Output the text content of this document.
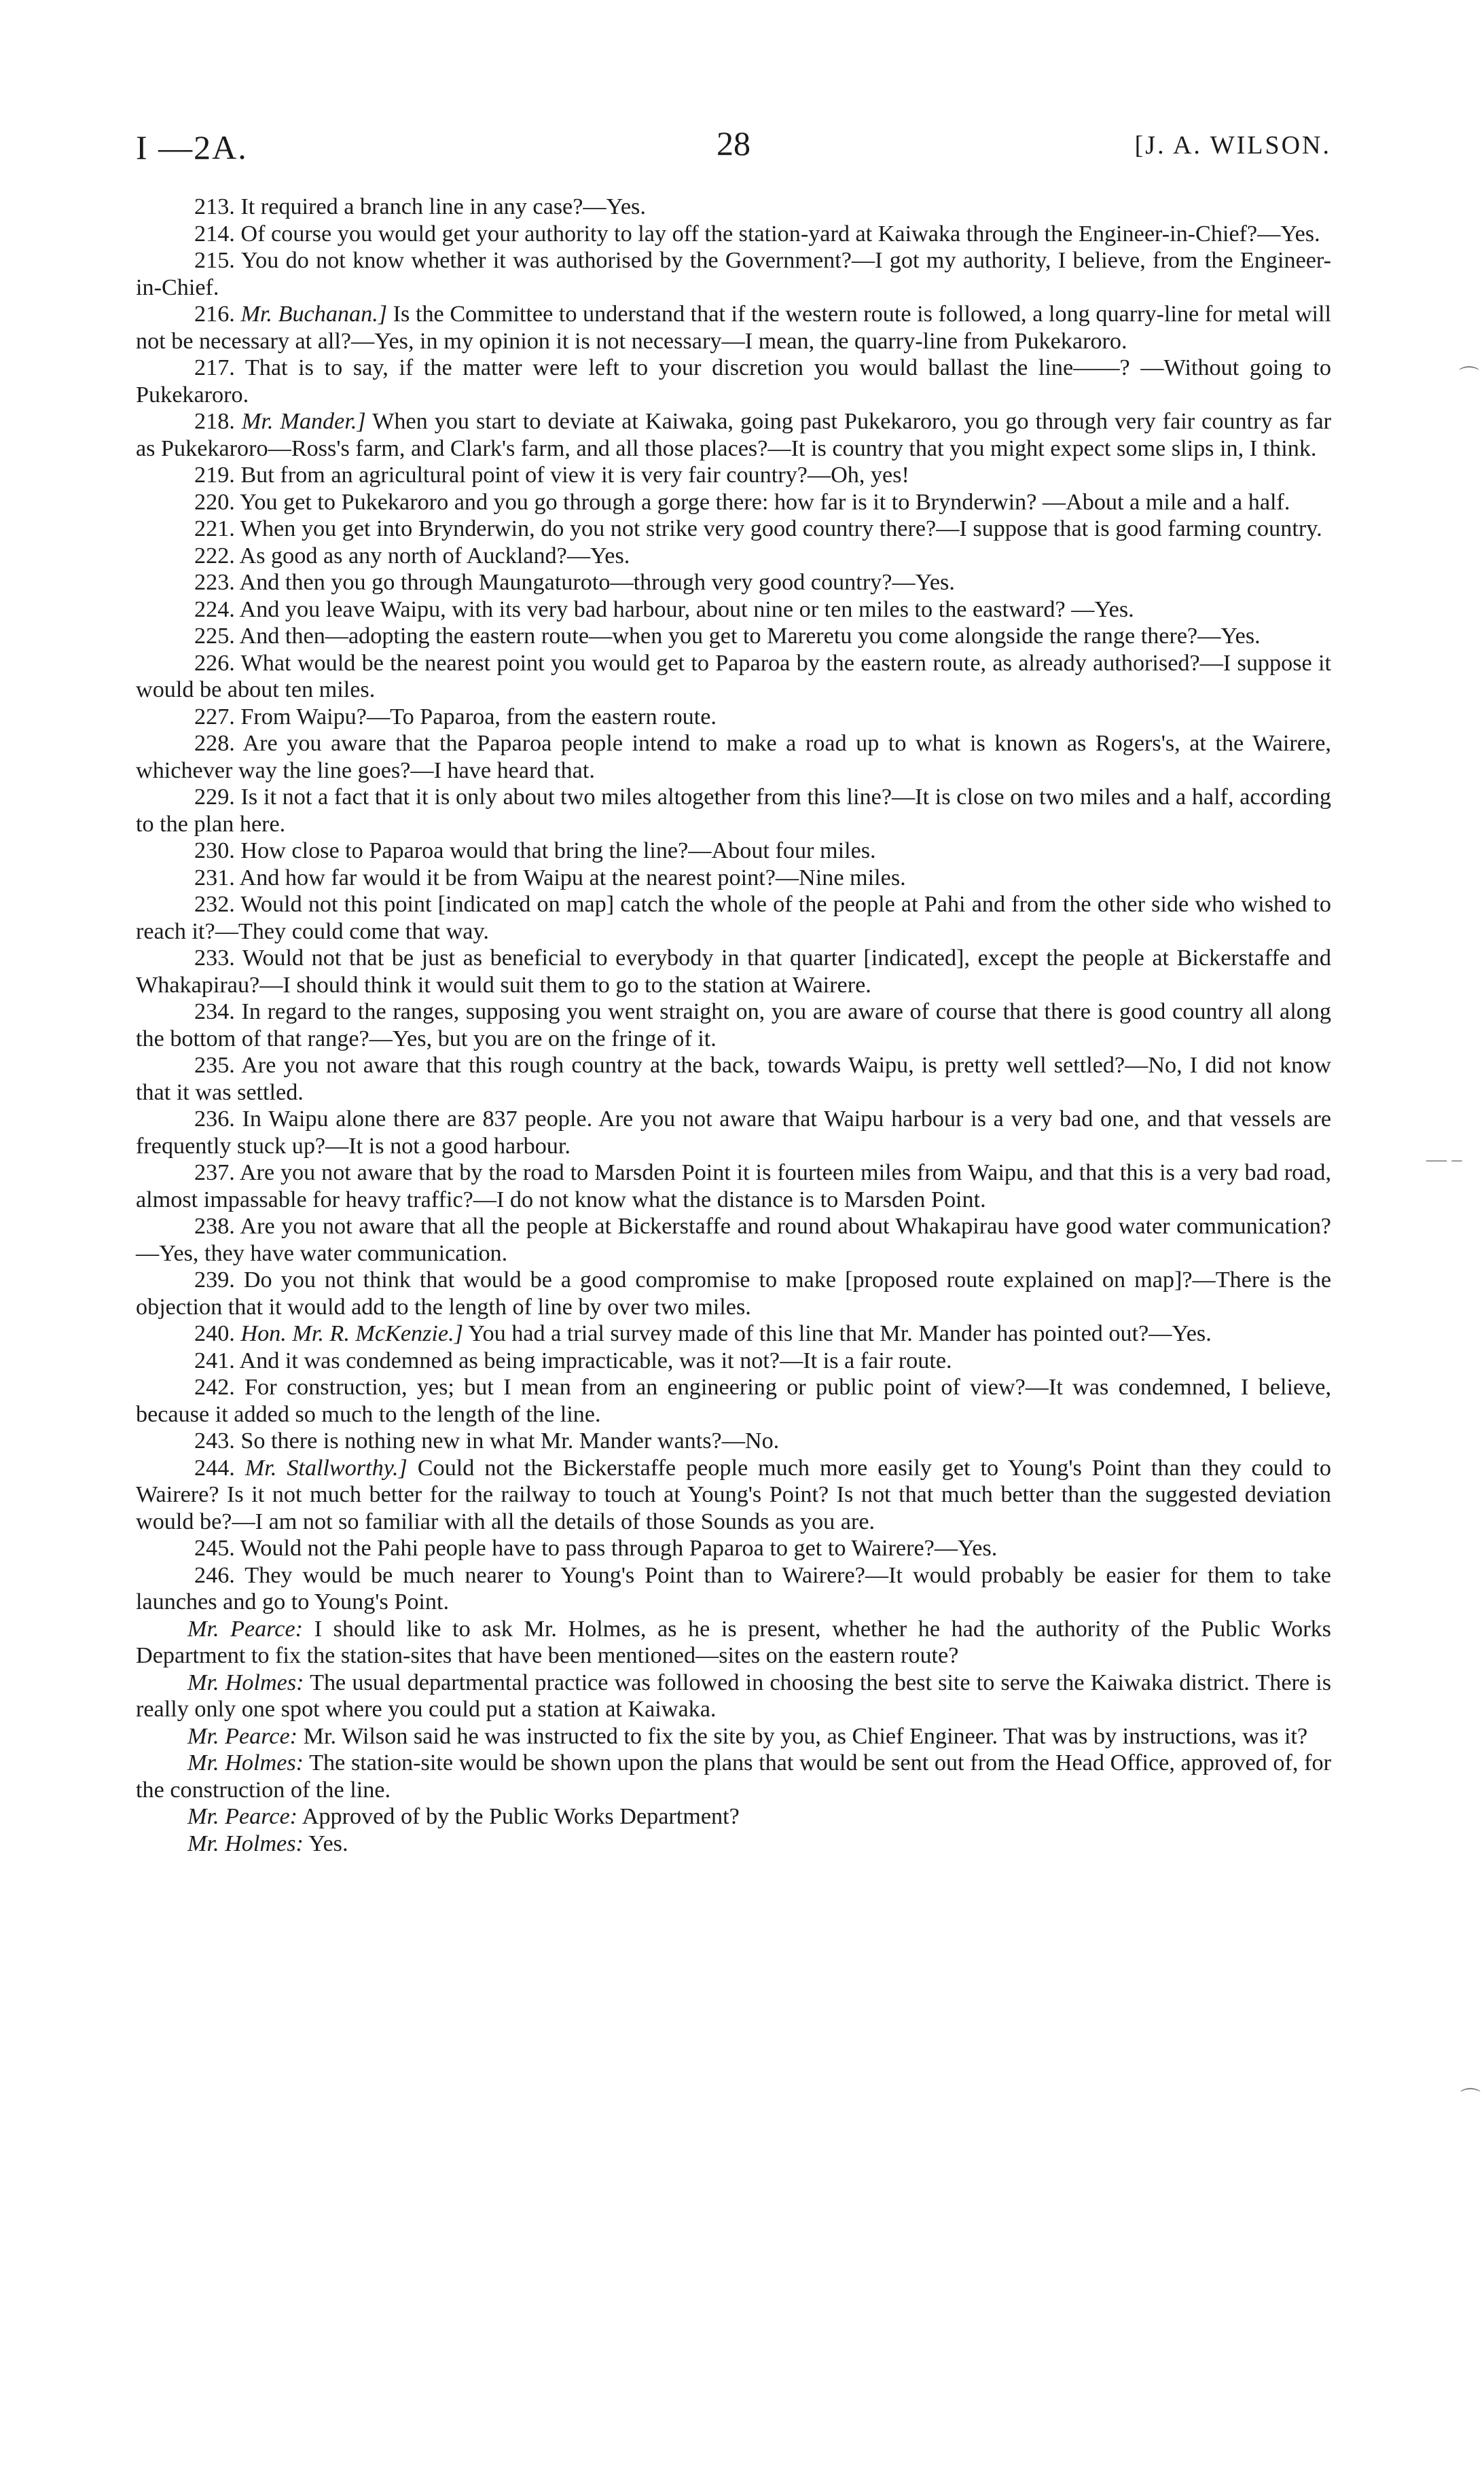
I —2A.	28	[J. A. WILSON.

213. It required a branch line in any case?—Yes.

214. Of course you would get your authority to lay off the station-yard at Kaiwaka through the Engineer-in-Chief?—Yes.

215. You do not know whether it was authorised by the Government?—I got my authority, I believe, from the Engineer-in-Chief.

216. Mr. Buchanan.] Is the Committee to understand that if the western route is followed, a long quarry-line for metal will not be necessary at all?—Yes, in my opinion it is not necessary—I mean, the quarry-line from Pukekaroro.

217. That is to say, if the matter were left to your discretion you would ballast the line——? —Without going to Pukekaroro.

218. Mr. Mander.] When you start to deviate at Kaiwaka, going past Pukekaroro, you go through very fair country as far as Pukekaroro—Ross's farm, and Clark's farm, and all those places?—It is country that you might expect some slips in, I think.

219. But from an agricultural point of view it is very fair country?—Oh, yes!

220. You get to Pukekaroro and you go through a gorge there: how far is it to Brynderwin? —About a mile and a half.

221. When you get into Brynderwin, do you not strike very good country there?—I suppose that is good farming country.

222. As good as any north of Auckland?—Yes.

223. And then you go through Maungaturoto—through very good country?—Yes.

224. And you leave Waipu, with its very bad harbour, about nine or ten miles to the eastward? —Yes.

225. And then—adopting the eastern route—when you get to Mareretu you come alongside the range there?—Yes.

226. What would be the nearest point you would get to Paparoa by the eastern route, as already authorised?—I suppose it would be about ten miles.

227. From Waipu?—To Paparoa, from the eastern route.

228. Are you aware that the Paparoa people intend to make a road up to what is known as Rogers's, at the Wairere, whichever way the line goes?—I have heard that.

229. Is it not a fact that it is only about two miles altogether from this line?—It is close on two miles and a half, according to the plan here.

230. How close to Paparoa would that bring the line?—About four miles.

231. And how far would it be from Waipu at the nearest point?—Nine miles.

232. Would not this point [indicated on map] catch the whole of the people at Pahi and from the other side who wished to reach it?—They could come that way.

233. Would not that be just as beneficial to everybody in that quarter [indicated], except the people at Bickerstaffe and Whakapirau?—I should think it would suit them to go to the station at Wairere.

234. In regard to the ranges, supposing you went straight on, you are aware of course that there is good country all along the bottom of that range?—Yes, but you are on the fringe of it.

235. Are you not aware that this rough country at the back, towards Waipu, is pretty well settled?—No, I did not know that it was settled.

236. In Waipu alone there are 837 people. Are you not aware that Waipu harbour is a very bad one, and that vessels are frequently stuck up?—It is not a good harbour.

237. Are you not aware that by the road to Marsden Point it is fourteen miles from Waipu, and that this is a very bad road, almost impassable for heavy traffic?—I do not know what the distance is to Marsden Point.

238. Are you not aware that all the people at Bickerstaffe and round about Whakapirau have good water communication?—Yes, they have water communication.

239. Do you not think that would be a good compromise to make [proposed route explained on map]?—There is the objection that it would add to the length of line by over two miles.

240. Hon. Mr. R. McKenzie.] You had a trial survey made of this line that Mr. Mander has pointed out?—Yes.

241. And it was condemned as being impracticable, was it not?—It is a fair route.

242. For construction, yes; but I mean from an engineering or public point of view?—It was condemned, I believe, because it added so much to the length of the line.

243. So there is nothing new in what Mr. Mander wants?—No.

244. Mr. Stallworthy.] Could not the Bickerstaffe people much more easily get to Young's Point than they could to Wairere? Is it not much better for the railway to touch at Young's Point? Is not that much better than the suggested deviation would be?—I am not so familiar with all the details of those Sounds as you are.

245. Would not the Pahi people have to pass through Paparoa to get to Wairere?—Yes.

246. They would be much nearer to Young's Point than to Wairere?—It would probably be easier for them to take launches and go to Young's Point.

Mr. Pearce: I should like to ask Mr. Holmes, as he is present, whether he had the authority of the Public Works Department to fix the station-sites that have been mentioned—sites on the eastern route?

Mr. Holmes: The usual departmental practice was followed in choosing the best site to serve the Kaiwaka district. There is really only one spot where you could put a station at Kaiwaka.

Mr. Pearce: Mr. Wilson said he was instructed to fix the site by you, as Chief Engineer. That was by instructions, was it?

Mr. Holmes: The station-site would be shown upon the plans that would be sent out from the Head Office, approved of, for the construction of the line.

Mr. Pearce: Approved of by the Public Works Department?

Mr. Holmes: Yes.

⌒
— –
⌒
